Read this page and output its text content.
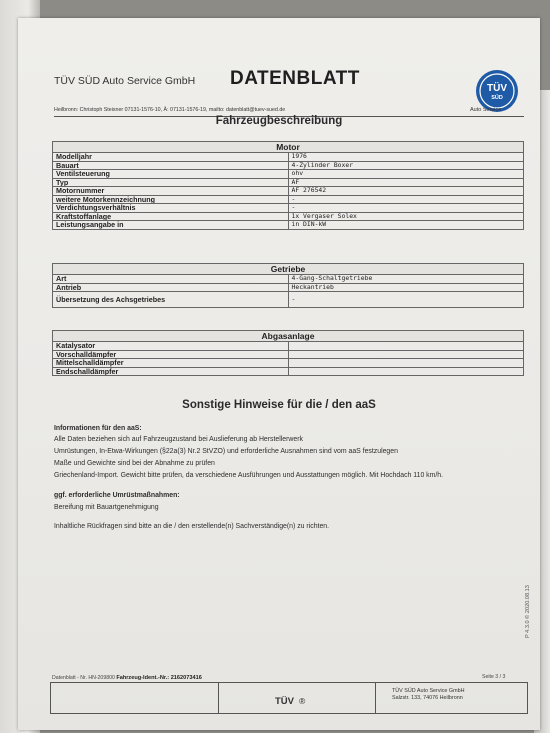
TÜV SÜD Auto Service GmbH DATENBLATT
Heilbronn: Christoph Steixner 07131-1576-10, Ä: 07131-1576-19, mailto: datenblatt@tuev-sued.de
TÜV
SÜD
Auto Service
Fahrzeugbeschreibung
Motor	
Modelljahr	1976
Bauart	4-Zylinder Boxer
Ventilsteuerung	ohv
Typ	AF
Motornummer	AF 276542
weitere Motorkennzeichnung	-
Verdichtungsverhältnis	-
Kraftstoffanlage	1x Vergaser Solex
Leistungsangabe in	in DIN-kW
Getriebe	
Art	4-Gang-Schaltgetriebe
Antrieb	Heckantrieb
Übersetzung des Achsgetriebes	-
Abgasanlage	
Katalysator	
Vorschalldämpfer	
Mittelschalldämpfer	
Endschalldämpfer	
Sonstige Hinweise für die / den aaS
Informationen für den aaS:
Alle Daten beziehen sich auf Fahrzeugzustand bei Auslieferung ab Herstellerwerk
Umrüstungen, In-Etwa-Wirkungen (§22a(3) Nr.2 StVZO) und erforderliche Ausnahmen sind vom aaS festzulegen
Maße und Gewichte sind bei der Abnahme zu prüfen
Griechenland-Import. Gewicht bitte prüfen, da verschiedene Ausführungen und Ausstattungen möglich. Mit Hochdach 110 km/h.
ggf. erforderliche Umrüstmaßnahmen:
Bereifung mit Bauartgenehmigung
Inhaltliche Rückfragen sind bitte an die / den erstellende(n) Sachverständige(n) zu richten.
Datenblatt - Nr. HN-209800 Fahrzeug-Ident.-Nr.: 2162073416	Seite 3 / 3
TÜV ®
TÜV SÜD Auto Service GmbH
Salzstr. 133, 74076 Heilbronn
P 4.3.0 © 2020.08.13
